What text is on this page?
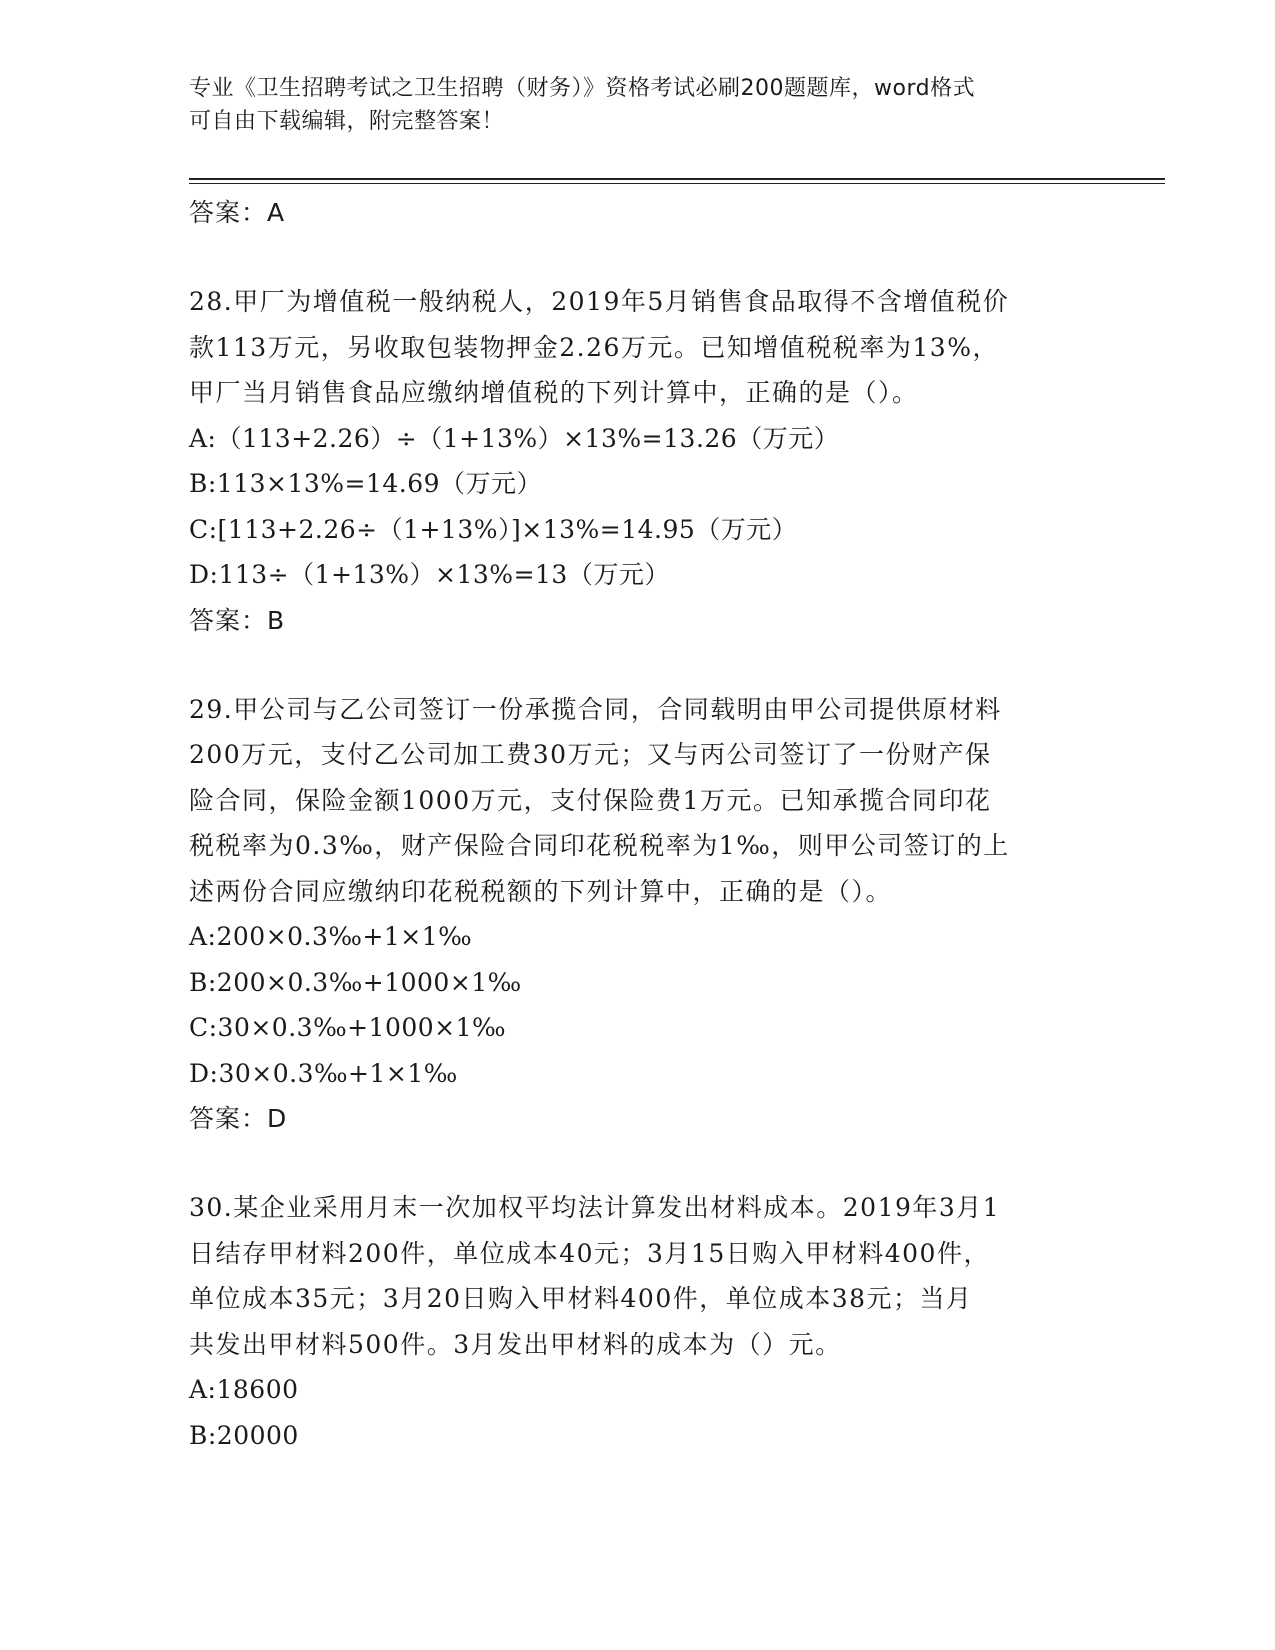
专业《卫生招聘考试之卫生招聘（财务）》资格考试必刷200题题库，word格式
可自由下载编辑，附完整答案！
答案：A
28.甲厂为增值税一般纳税人，2019年5月销售食品取得不含增值税价
款113万元，另收取包装物押金2.26万元。已知增值税税率为13%，
甲厂当月销售食品应缴纳增值税的下列计算中，正确的是（）。
A:（113+2.26）÷（1+13%）×13%=13.26（万元）
B:113×13%=14.69（万元）
C:[113+2.26÷（1+13%）]×13%=14.95（万元）
D:113÷（1+13%）×13%=13（万元）
答案：B
29.甲公司与乙公司签订一份承揽合同，合同载明由甲公司提供原材料
200万元，支付乙公司加工费30万元；又与丙公司签订了一份财产保
险合同，保险金额1000万元，支付保险费1万元。已知承揽合同印花
税税率为0.3‰，财产保险合同印花税税率为1‰，则甲公司签订的上
述两份合同应缴纳印花税税额的下列计算中，正确的是（）。
A:200×0.3‰+1×1‰
B:200×0.3‰+1000×1‰
C:30×0.3‰+1000×1‰
D:30×0.3‰+1×1‰
答案：D
30.某企业采用月末一次加权平均法计算发出材料成本。2019年3月1
日结存甲材料200件，单位成本40元；3月15日购入甲材料400件，
单位成本35元；3月20日购入甲材料400件，单位成本38元；当月
共发出甲材料500件。3月发出甲材料的成本为（）元。
A:18600
B:20000
